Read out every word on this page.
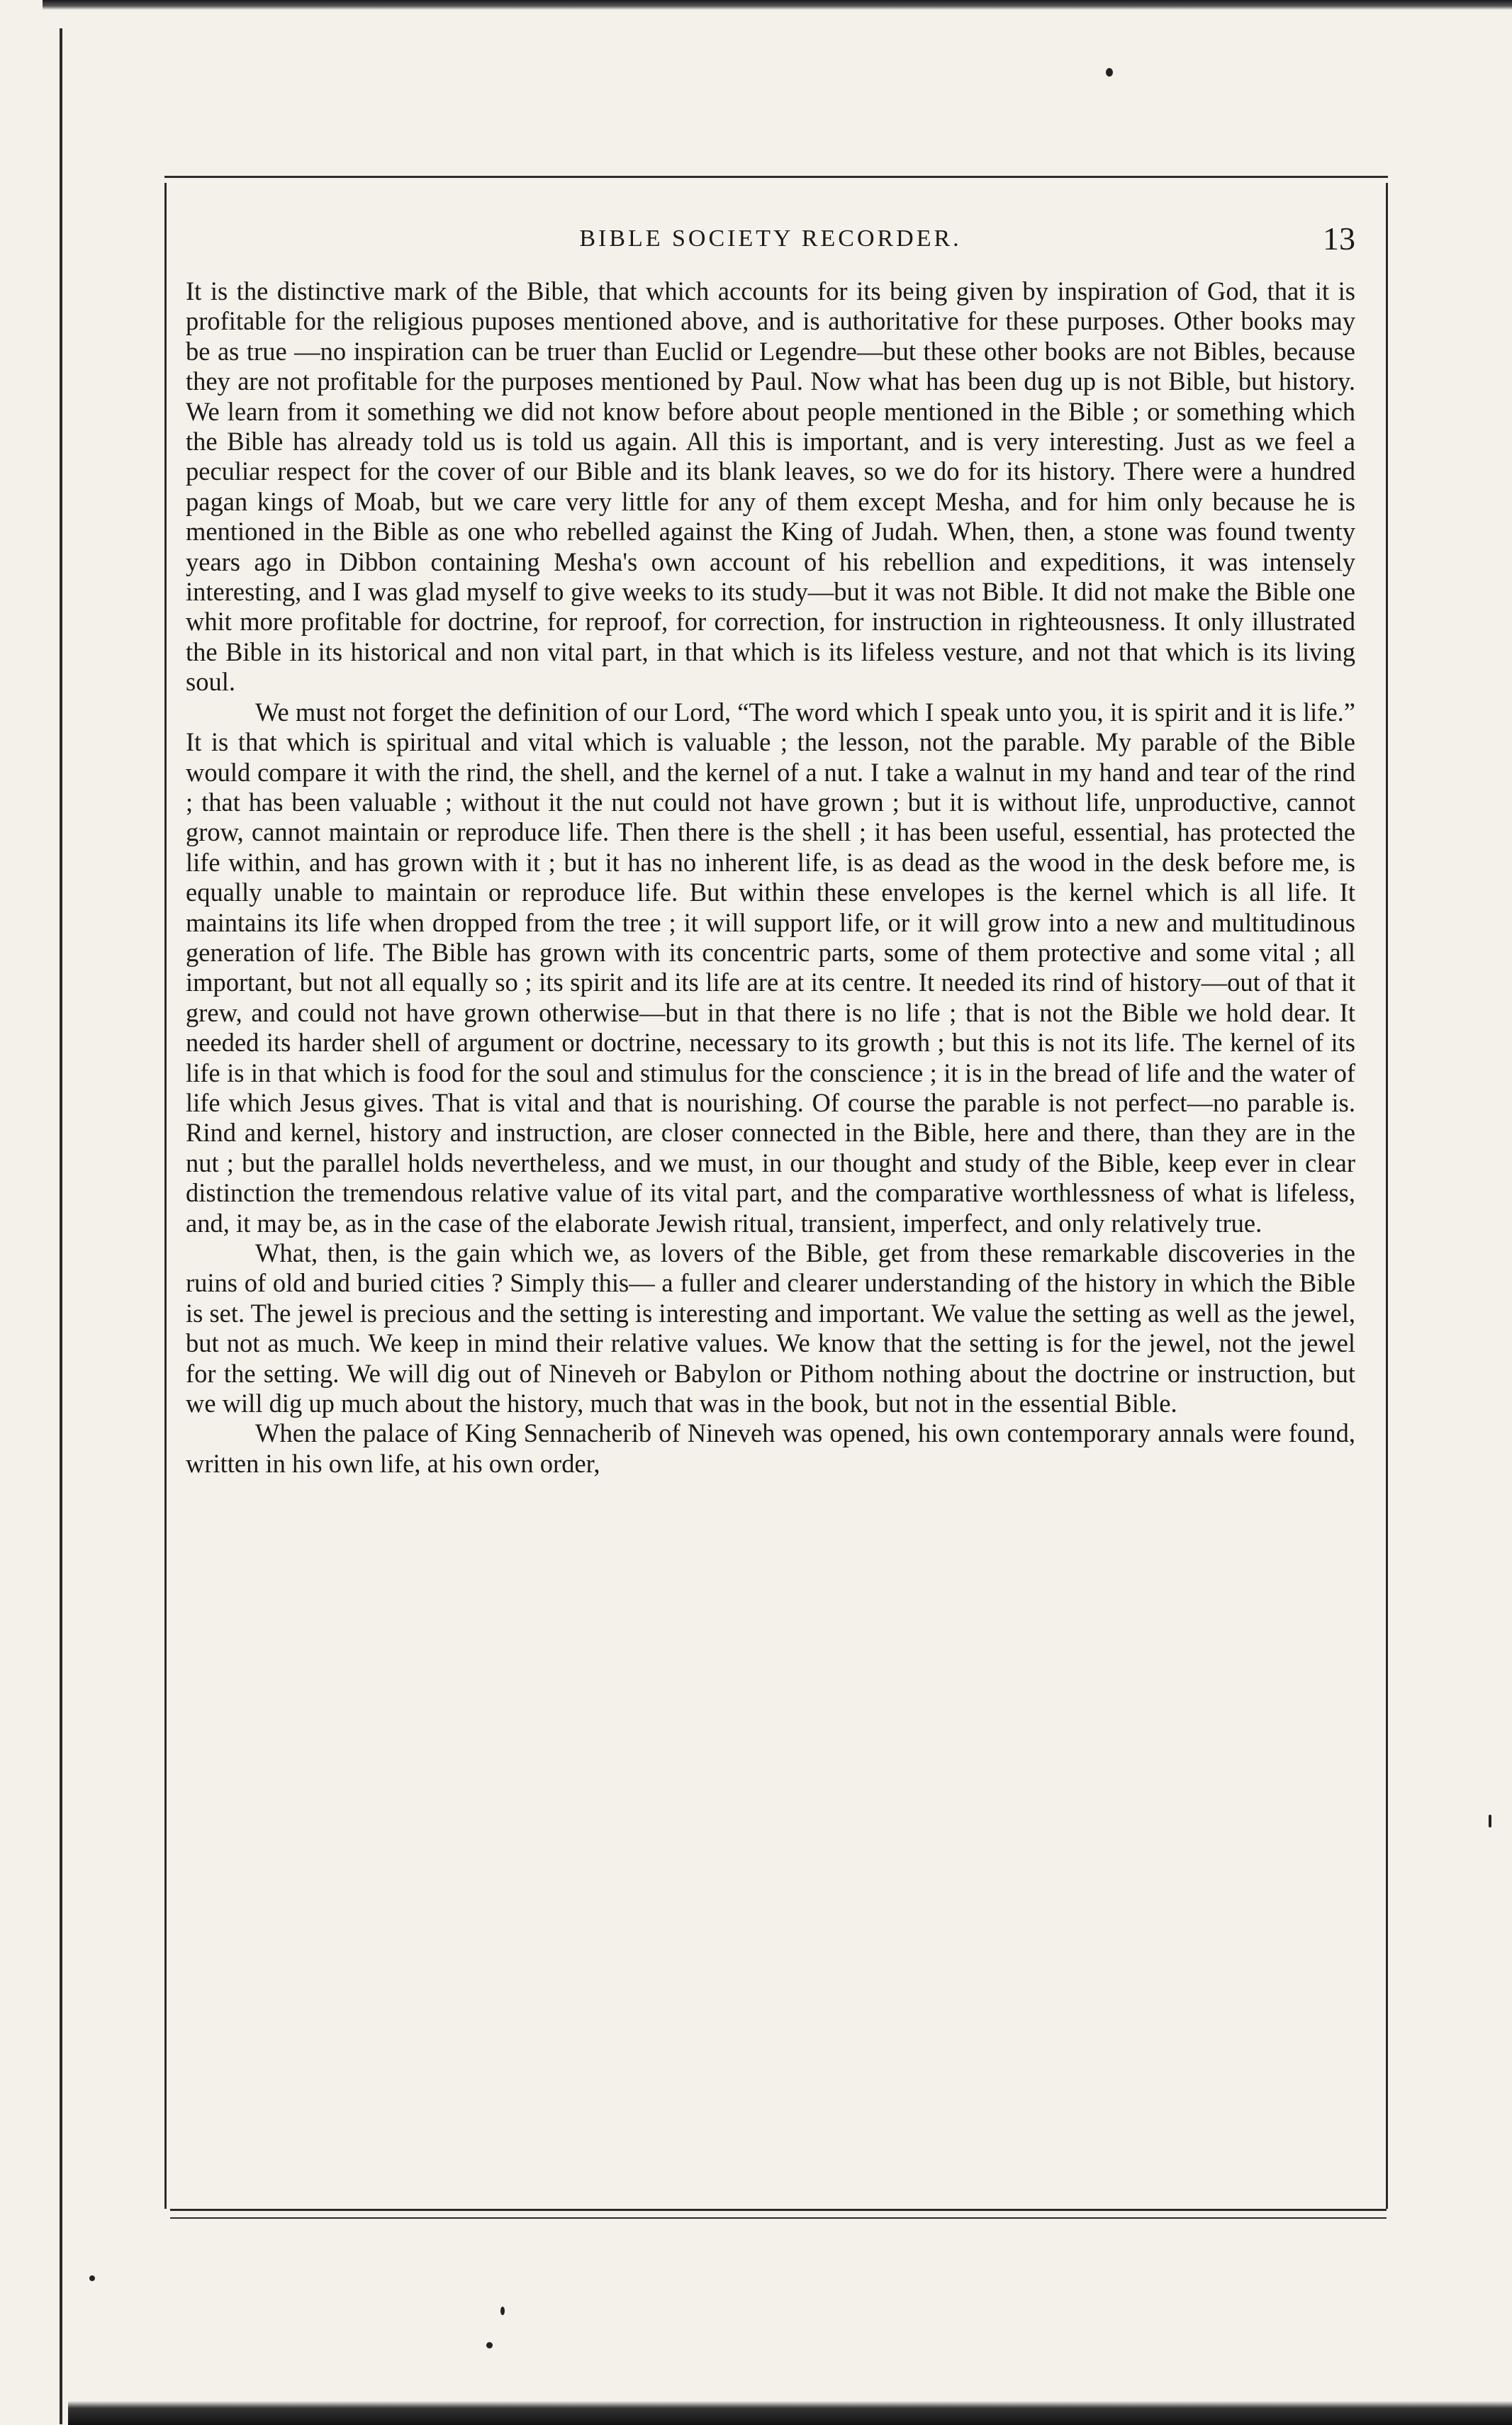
BIBLE SOCIETY RECORDER.	13

It is the distinctive mark of the Bible, that which accounts for its being given by inspiration of God, that it is profitable for the religious puposes mentioned above, and is authoritative for these purposes. Other books may be as true —no inspiration can be truer than Euclid or Legendre—but these other books are not Bibles, because they are not profitable for the purposes mentioned by Paul. Now what has been dug up is not Bible, but history. We learn from it something we did not know before about people mentioned in the Bible ; or something which the Bible has already told us is told us again. All this is important, and is very interesting. Just as we feel a peculiar respect for the cover of our Bible and its blank leaves, so we do for its history. There were a hundred pagan kings of Moab, but we care very little for any of them except Mesha, and for him only because he is mentioned in the Bible as one who rebelled against the King of Judah. When, then, a stone was found twenty years ago in Dibbon containing Mesha's own account of his rebellion and expeditions, it was intensely interesting, and I was glad myself to give weeks to its study—but it was not Bible. It did not make the Bible one whit more profitable for doctrine, for reproof, for correction, for instruction in righteousness. It only illustrated the Bible in its historical and non vital part, in that which is its lifeless vesture, and not that which is its living soul.

We must not forget the definition of our Lord, “The word which I speak unto you, it is spirit and it is life.” It is that which is spiritual and vital which is valuable ; the lesson, not the parable. My parable of the Bible would compare it with the rind, the shell, and the kernel of a nut. I take a walnut in my hand and tear of the rind ; that has been valuable ; without it the nut could not have grown ; but it is without life, unproductive, cannot grow, cannot maintain or reproduce life. Then there is the shell ; it has been useful, essential, has protected the life within, and has grown with it ; but it has no inherent life, is as dead as the wood in the desk before me, is equally unable to maintain or reproduce life. But within these envelopes is the kernel which is all life. It maintains its life when dropped from the tree ; it will support life, or it will grow into a new and multitudinous generation of life. The Bible has grown with its concentric parts, some of them protective and some vital ; all important, but not all equally so ; its spirit and its life are at its centre. It needed its rind of history—out of that it grew, and could not have grown otherwise—but in that there is no life ; that is not the Bible we hold dear. It needed its harder shell of argument or doctrine, necessary to its growth ; but this is not its life. The kernel of its life is in that which is food for the soul and stimulus for the conscience ; it is in the bread of life and the water of life which Jesus gives. That is vital and that is nourishing. Of course the parable is not perfect—no parable is. Rind and kernel, history and instruction, are closer connected in the Bible, here and there, than they are in the nut ; but the parallel holds nevertheless, and we must, in our thought and study of the Bible, keep ever in clear distinction the tremendous relative value of its vital part, and the comparative worthlessness of what is lifeless, and, it may be, as in the case of the elaborate Jewish ritual, transient, imperfect, and only relatively true.

What, then, is the gain which we, as lovers of the Bible, get from these remarkable discoveries in the ruins of old and buried cities ? Simply this— a fuller and clearer understanding of the history in which the Bible is set. The jewel is precious and the setting is interesting and important. We value the setting as well as the jewel, but not as much. We keep in mind their relative values. We know that the setting is for the jewel, not the jewel for the setting. We will dig out of Nineveh or Babylon or Pithom nothing about the doctrine or instruction, but we will dig up much about the history, much that was in the book, but not in the essential Bible.

When the palace of King Sennacherib of Nineveh was opened, his own contemporary annals were found, written in his own life, at his own order,
